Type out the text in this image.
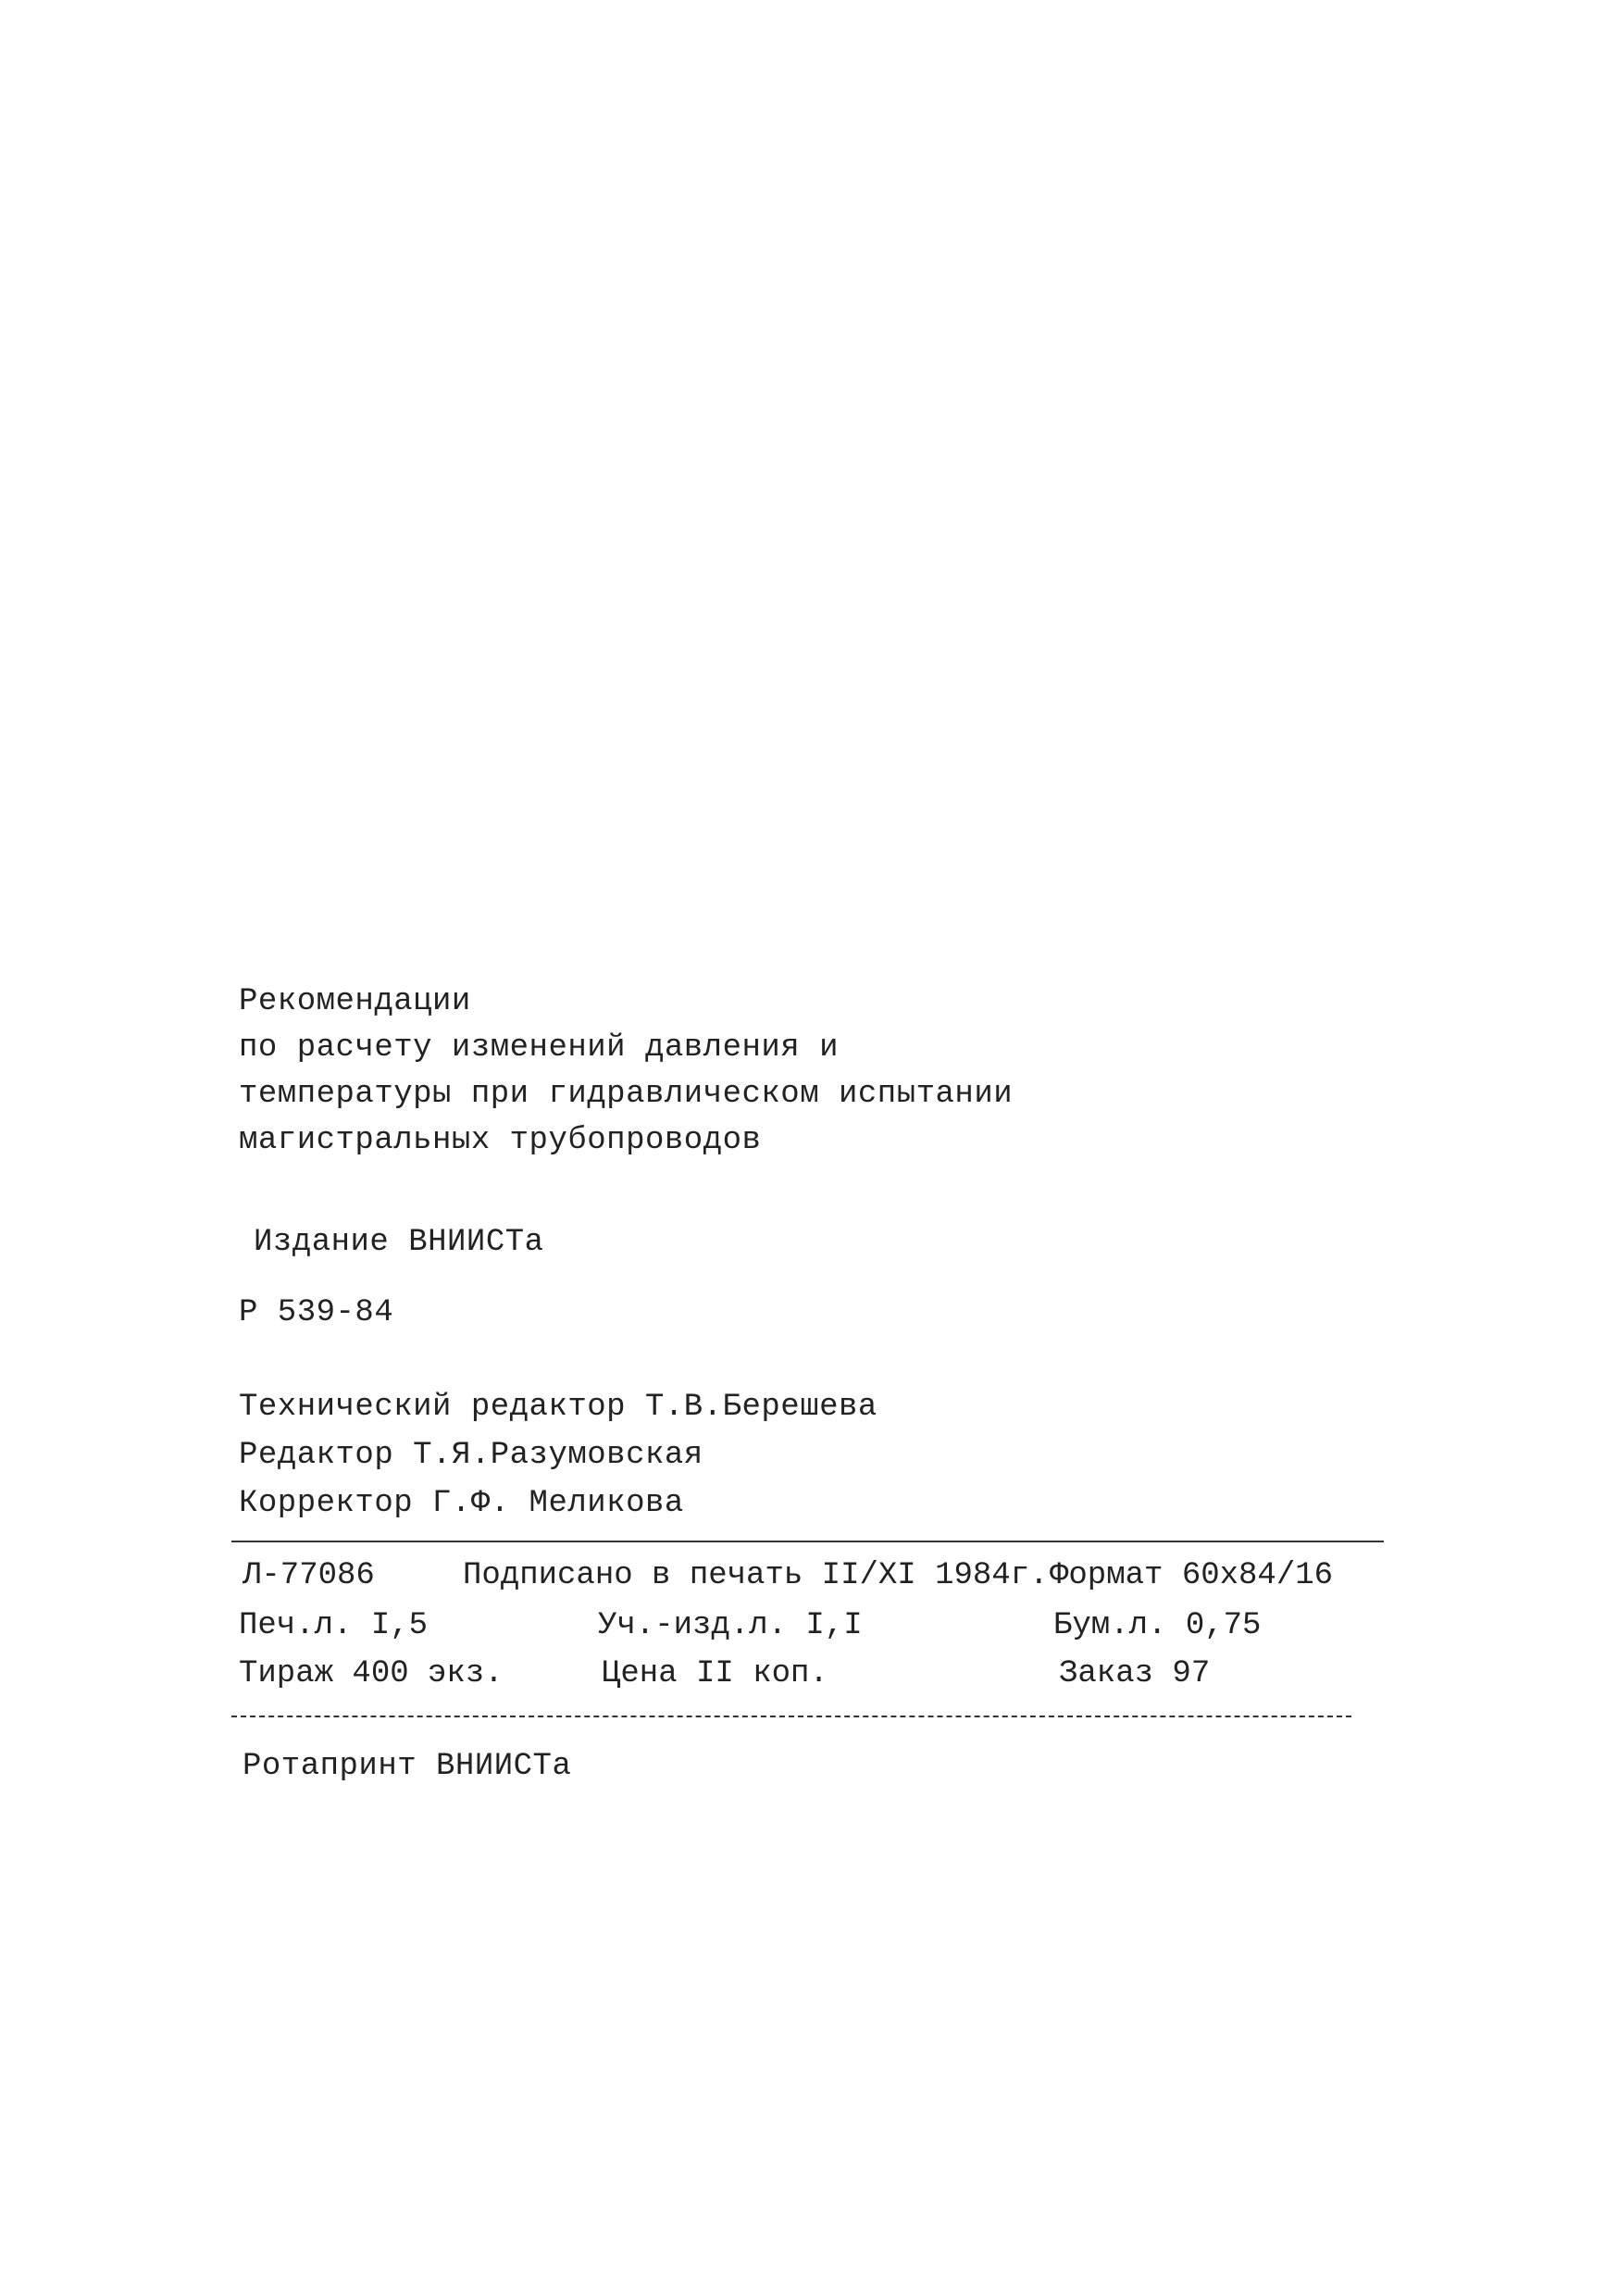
Рекомендации
по расчету изменений давления и
температуры при гидравлическом испытании
магистральных трубопроводов
Издание ВНИИСТа
Р 539-84
Технический редактор Т.В.Берешева
Редактор Т.Я.Разумовская
Корректор Г.Ф. Меликова
Л-77086	Подписано в печать II/XI 1984г. Формат 60х84/16
Печ.л. I,5	Уч.-изд.л. I,I	Бум.л. 0,75
Тираж 400 экз.	Цена II коп.	Заказ 97
Ротапринт ВНИИСТа
